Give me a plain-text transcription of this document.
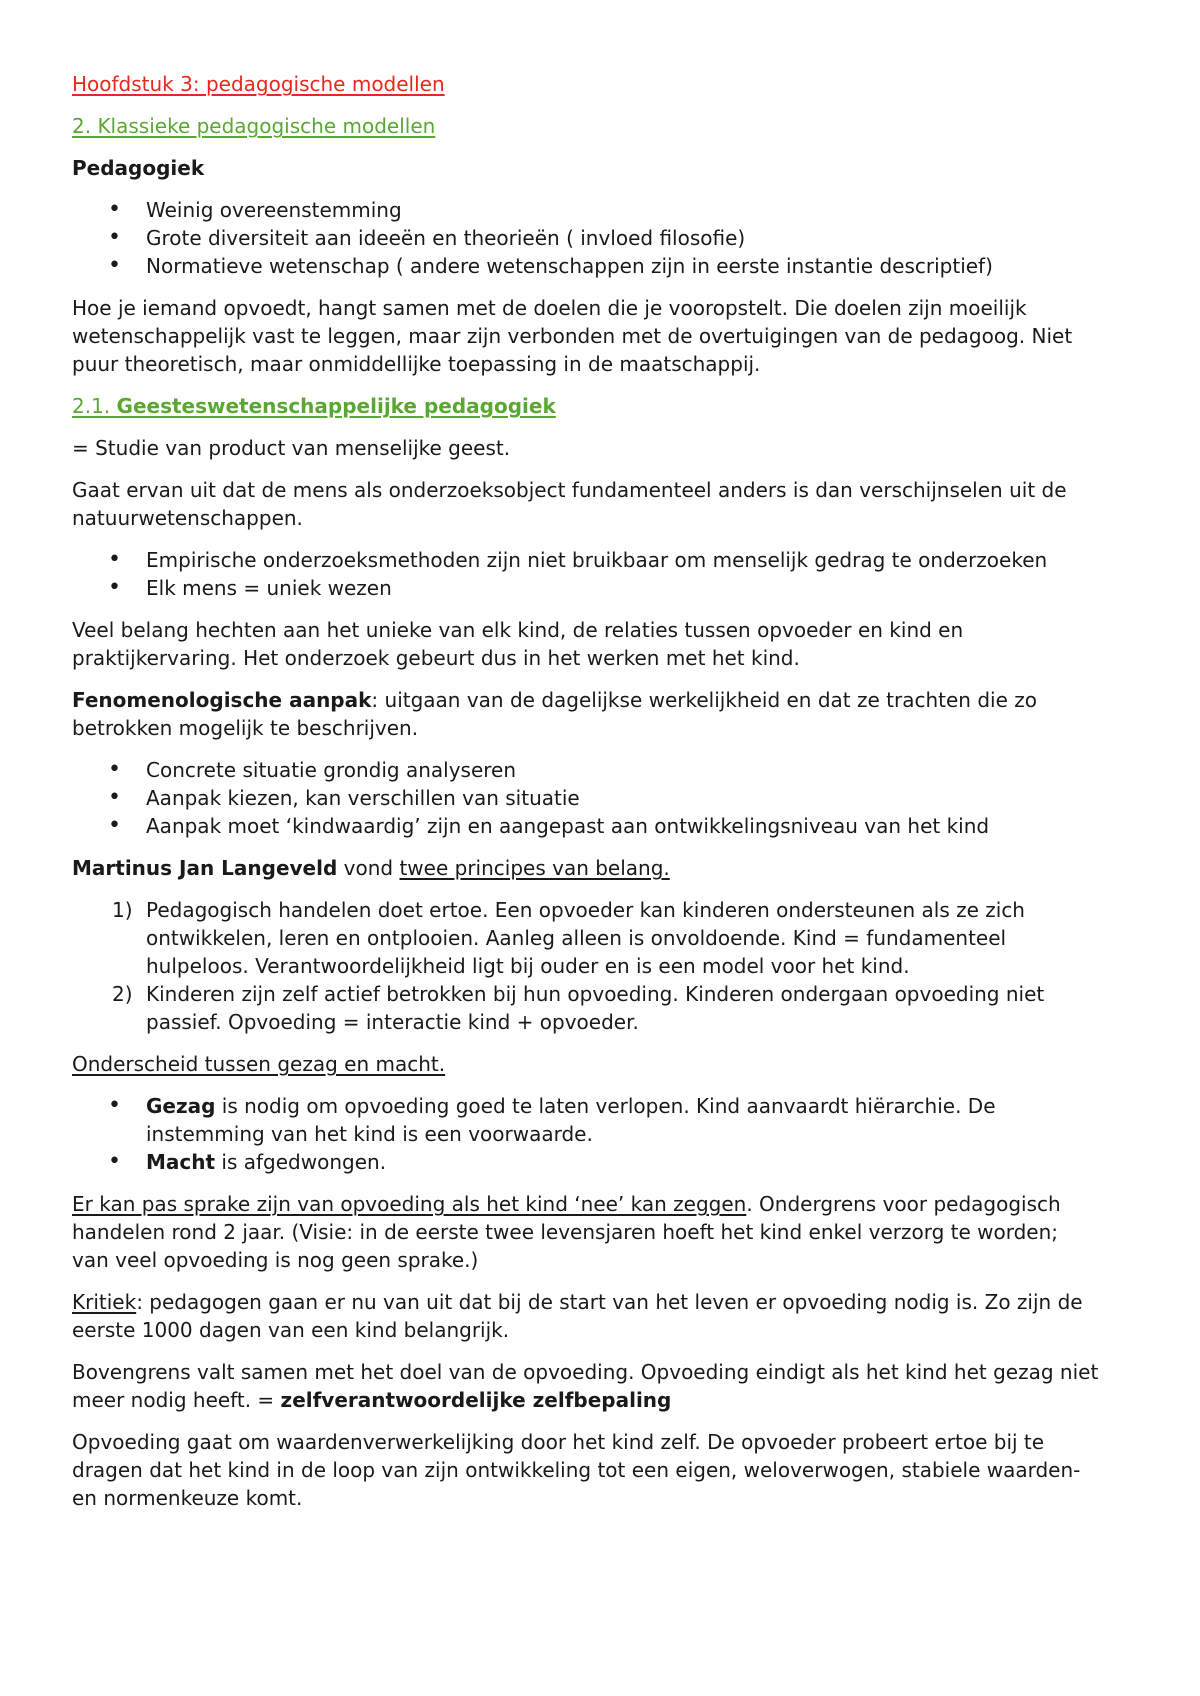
Hoofdstuk 3: pedagogische modellen

2. Klassieke pedagogische modellen

Pedagogiek

• Weinig overeenstemming
• Grote diversiteit aan ideeën en theorieën ( invloed filosofie)
• Normatieve wetenschap ( andere wetenschappen zijn in eerste instantie descriptief)

Hoe je iemand opvoedt, hangt samen met de doelen die je vooropstelt. Die doelen zijn moeilijk wetenschappelijk vast te leggen, maar zijn verbonden met de overtuigingen van de pedagoog. Niet puur theoretisch, maar onmiddellijke toepassing in de maatschappij.

2.1. Geesteswetenschappelijke pedagogiek

= Studie van product van menselijke geest.

Gaat ervan uit dat de mens als onderzoeksobject fundamenteel anders is dan verschijnselen uit de natuurwetenschappen.

• Empirische onderzoeksmethoden zijn niet bruikbaar om menselijk gedrag te onderzoeken
• Elk mens = uniek wezen

Veel belang hechten aan het unieke van elk kind, de relaties tussen opvoeder en kind en praktijkervaring. Het onderzoek gebeurt dus in het werken met het kind.

Fenomenologische aanpak: uitgaan van de dagelijkse werkelijkheid en dat ze trachten die zo betrokken mogelijk te beschrijven.

• Concrete situatie grondig analyseren
• Aanpak kiezen, kan verschillen van situatie
• Aanpak moet ‘kindwaardig’ zijn en aangepast aan ontwikkelingsniveau van het kind

Martinus Jan Langeveld vond twee principes van belang.

1) Pedagogisch handelen doet ertoe. Een opvoeder kan kinderen ondersteunen als ze zich ontwikkelen, leren en ontplooien. Aanleg alleen is onvoldoende. Kind = fundamenteel hulpeloos. Verantwoordelijkheid ligt bij ouder en is een model voor het kind.
2) Kinderen zijn zelf actief betrokken bij hun opvoeding. Kinderen ondergaan opvoeding niet passief. Opvoeding = interactie kind + opvoeder.

Onderscheid tussen gezag en macht.

• Gezag is nodig om opvoeding goed te laten verlopen. Kind aanvaardt hiërarchie. De instemming van het kind is een voorwaarde.
• Macht is afgedwongen.

Er kan pas sprake zijn van opvoeding als het kind ‘nee’ kan zeggen. Ondergrens voor pedagogisch handelen rond 2 jaar. (Visie: in de eerste twee levensjaren hoeft het kind enkel verzorg te worden; van veel opvoeding is nog geen sprake.)

Kritiek: pedagogen gaan er nu van uit dat bij de start van het leven er opvoeding nodig is. Zo zijn de eerste 1000 dagen van een kind belangrijk.

Bovengrens valt samen met het doel van de opvoeding. Opvoeding eindigt als het kind het gezag niet meer nodig heeft. = zelfverantwoordelijke zelfbepaling

Opvoeding gaat om waardenverwerkelijking door het kind zelf. De opvoeder probeert ertoe bij te dragen dat het kind in de loop van zijn ontwikkeling tot een eigen, weloverwogen, stabiele waarden- en normenkeuze komt.
